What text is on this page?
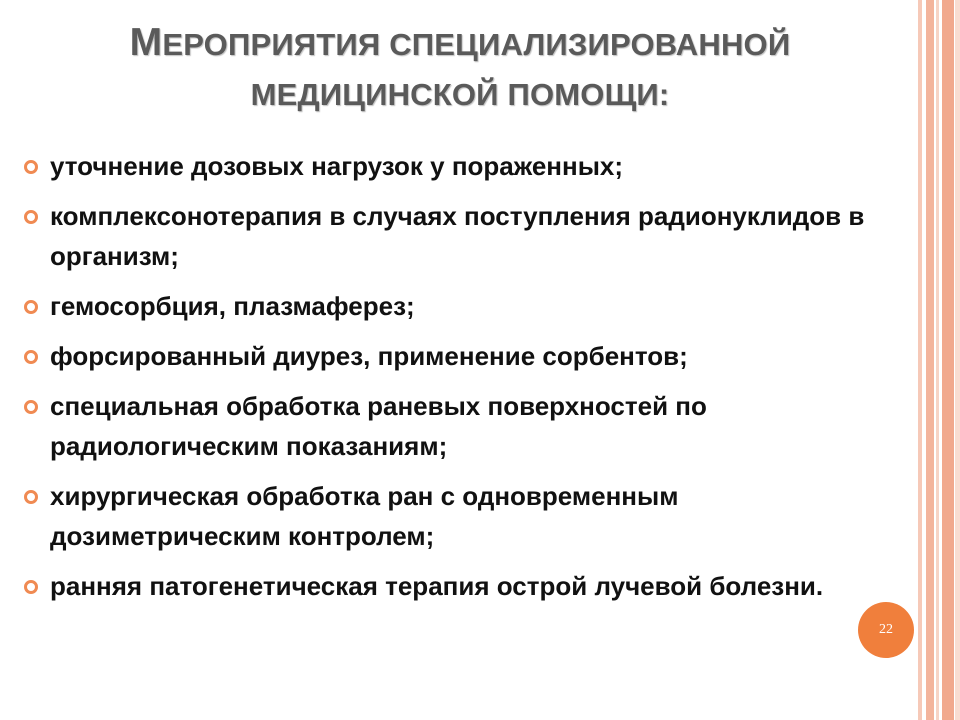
МЕРОПРИЯТИЯ СПЕЦИАЛИЗИРОВАННОЙ
МЕДИЦИНСКОЙ ПОМОЩИ:
уточнение дозовых нагрузок у пораженных;
комплексонотерапия в случаях поступления радионуклидов в организм;
гемосорбция, плазмаферез;
форсированный диурез, применение сорбентов;
специальная обработка раневых поверхностей по радиологическим показаниям;
хирургическая обработка ран с одновременным дозиметрическим контролем;
ранняя патогенетическая терапия острой лучевой болезни.
22
